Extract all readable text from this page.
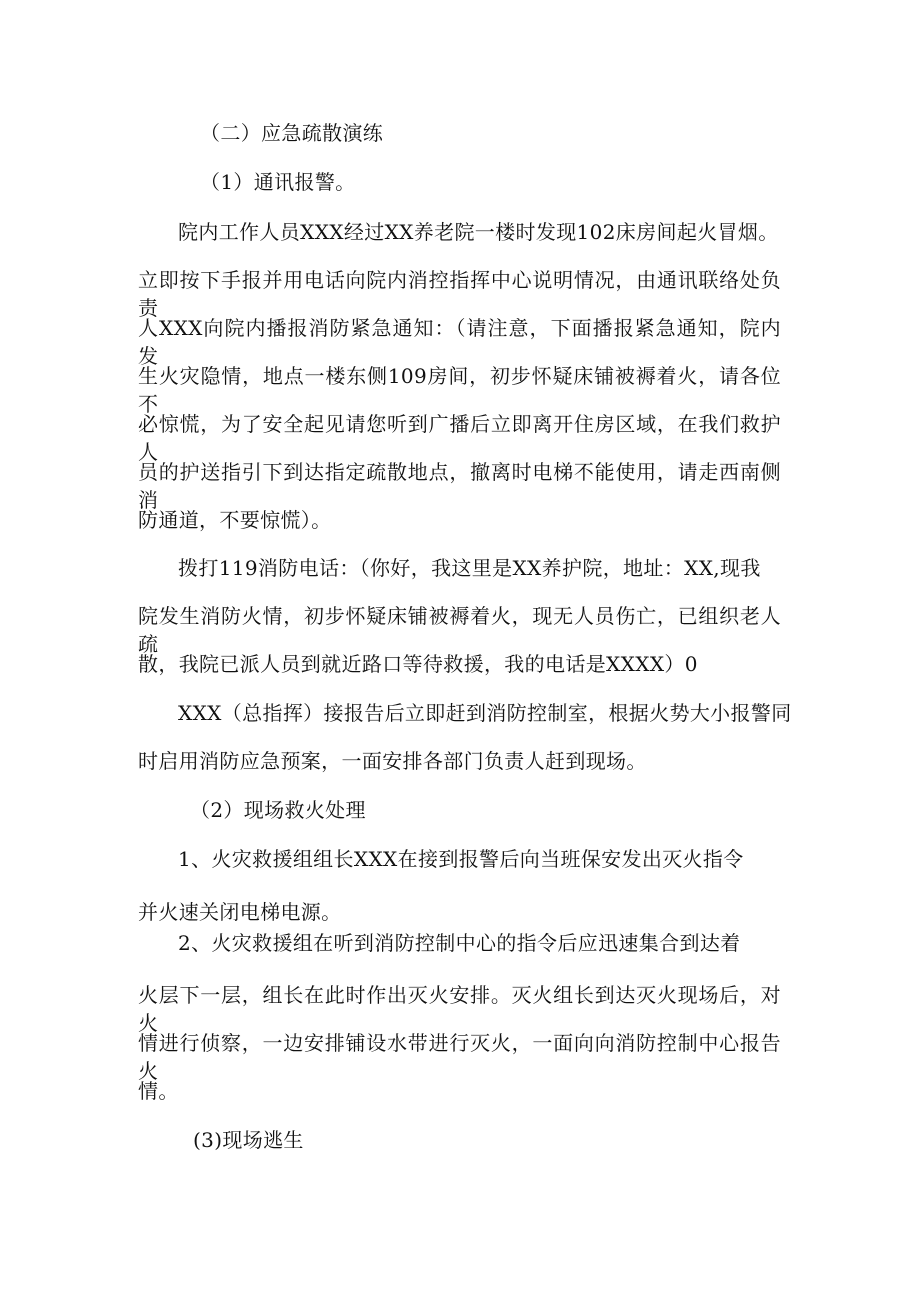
（二）应急疏散演练
（1）通讯报警。
院内工作人员XXX经过XX养老院一楼时发现102床房间起火冒烟。
立即按下手报并用电话向院内消控指挥中心说明情况，由通讯联络处负责
人XXX向院内播报消防紧急通知：（请注意，下面播报紧急通知，院内发
生火灾隐情，地点一楼东侧109房间，初步怀疑床铺被褥着火，请各位不
必惊慌，为了安全起见请您听到广播后立即离开住房区域，在我们救护人
员的护送指引下到达指定疏散地点，撤离时电梯不能使用，请走西南侧消
防通道，不要惊慌）。
拨打119消防电话：（你好，我这里是XX养护院，地址：XX,现我
院发生消防火情，初步怀疑床铺被褥着火，现无人员伤亡，已组织老人疏
散，我院已派人员到就近路口等待救援，我的电话是XXXX）0
XXX（总指挥）接报告后立即赶到消防控制室，根据火势大小报警同
时启用消防应急预案，一面安排各部门负责人赶到现场。
（2）现场救火处理
1、火灾救援组组长XXX在接到报警后向当班保安发出灭火指令
并火速关闭电梯电源。
2、火灾救援组在听到消防控制中心的指令后应迅速集合到达着
火层下一层，组长在此时作出灭火安排。灭火组长到达灭火现场后，对火
情进行侦察，一边安排铺设水带进行灭火，一面向向消防控制中心报告火
情。
(3)现场逃生
